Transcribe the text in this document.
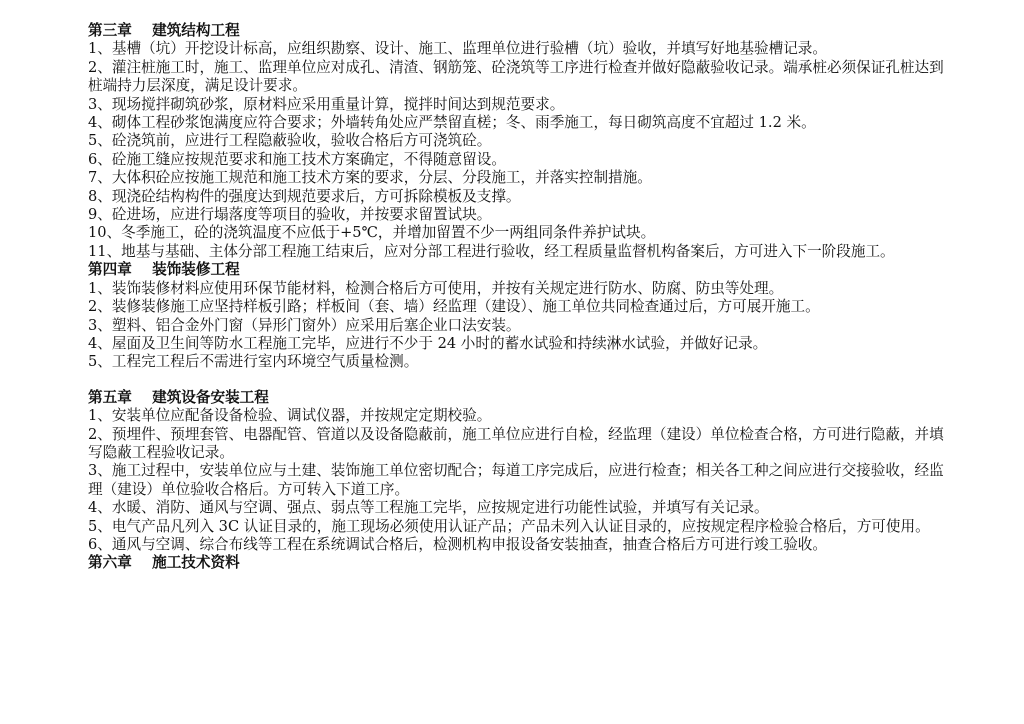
第三章    建筑结构工程

1、基槽（坑）开挖设计标高，应组织勘察、设计、施工、监理单位进行验槽（坑）验收，并填写好地基验槽记录。

2、灌注桩施工时，施工、监理单位应对成孔、清渣、钢筋笼、砼浇筑等工序进行检查并做好隐蔽验收记录。端承桩必须保证孔桩达到桩端持力层深度，满足设计要求。

3、现场搅拌砌筑砂浆，原材料应采用重量计算，搅拌时间达到规范要求。

4、砌体工程砂浆饱满度应符合要求；外墙转角处应严禁留直槎；冬、雨季施工，每日砌筑高度不宜超过 1.2 米。

5、砼浇筑前，应进行工程隐蔽验收，验收合格后方可浇筑砼。

6、砼施工缝应按规范要求和施工技术方案确定，不得随意留设。

7、大体积砼应按施工规范和施工技术方案的要求，分层、分段施工，并落实控制措施。

8、现浇砼结构构件的强度达到规范要求后，方可拆除模板及支撑。

9、砼进场，应进行塌落度等项目的验收，并按要求留置试块。

10、冬季施工，砼的浇筑温度不应低于+5℃，并增加留置不少一两组同条件养护试块。

11、地基与基础、主体分部工程施工结束后，应对分部工程进行验收，经工程质量监督机构备案后，方可进入下一阶段施工。

第四章    装饰装修工程

1、装饰装修材料应使用环保节能材料，检测合格后方可使用，并按有关规定进行防水、防腐、防虫等处理。

2、装修装修施工应坚持样板引路；样板间（套、墙）经监理（建设）、施工单位共同检查通过后，方可展开施工。

3、塑料、铝合金外门窗（异形门窗外）应采用后塞企业口法安装。

4、屋面及卫生间等防水工程施工完毕，应进行不少于 24 小时的蓄水试验和持续淋水试验，并做好记录。

5、工程完工程后不需进行室内环境空气质量检测。

第五章    建筑设备安装工程

1、安装单位应配备设备检验、调试仪器，并按规定定期校验。

2、预埋件、预埋套管、电器配管、管道以及设备隐蔽前，施工单位应进行自检，经监理（建设）单位检查合格，方可进行隐蔽，并填写隐蔽工程验收记录。

3、施工过程中，安装单位应与土建、装饰施工单位密切配合；每道工序完成后，应进行检查；相关各工种之间应进行交接验收，经监理（建设）单位验收合格后。方可转入下道工序。

4、水暖、消防、通风与空调、强点、弱点等工程施工完毕，应按规定进行功能性试验，并填写有关记录。

5、电气产品凡列入 3C 认证目录的，施工现场必须使用认证产品；产品未列入认证目录的，应按规定程序检验合格后，方可使用。

6、通风与空调、综合布线等工程在系统调试合格后，检测机构申报设备安装抽查，抽查合格后方可进行竣工验收。

第六章    施工技术资料
